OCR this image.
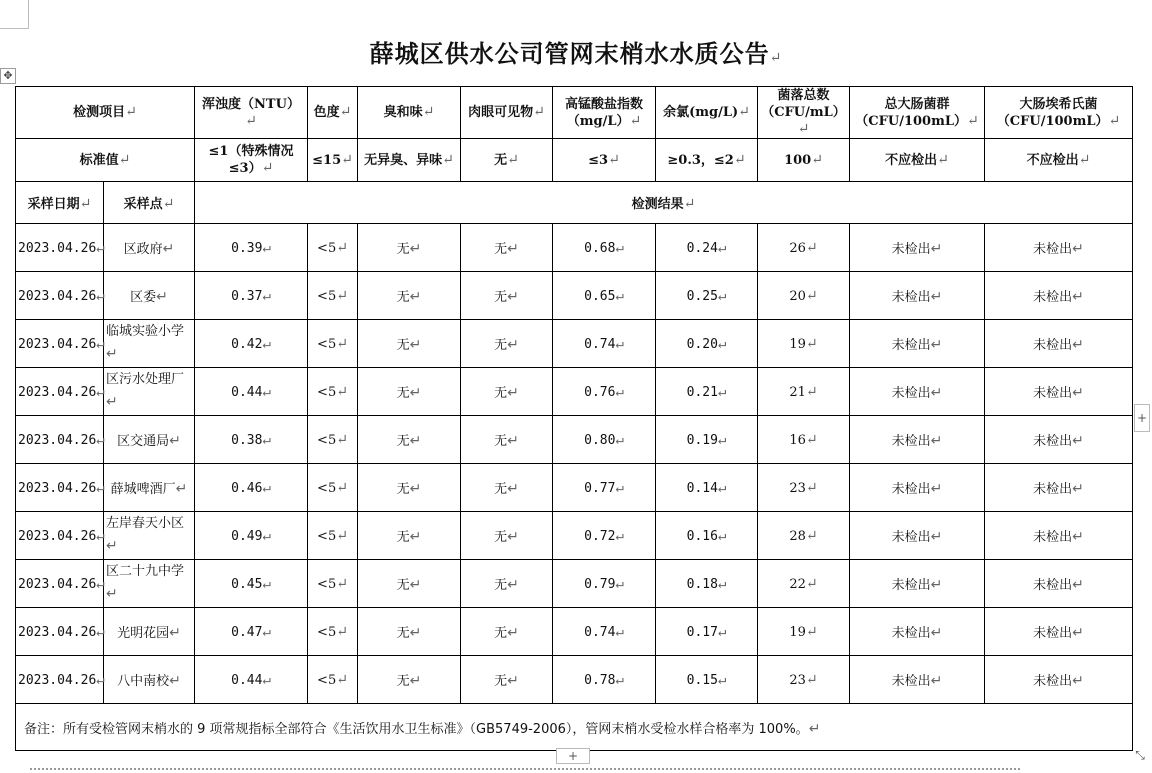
✥
薛城区供水公司管网末梢水水质公告↵
检测项目↵		浑浊度（NTU）↵	色度↵	臭和味↵	肉眼可见物↵	高锰酸盐指数（mg/L）↵	余氯(mg/L)↵	菌落总数（CFU/mL）↵	总大肠菌群（CFU/100mL）↵	大肠埃希氏菌（CFU/100mL）↵
标准值↵		≤1（特殊情况≤3）↵	≤15↵	无异臭、异味↵	无↵	≤3↵	≥0.3，≤2↵	100↵	不应检出↵	不应检出↵
采样日期↵	采样点↵	检测结果↵								
2023.04.26↵	区政府↵	0.39↵	<5↵	无↵	无↵	0.68↵	0.24↵	26↵	未检出↵	未检出↵
2023.04.26↵	区委↵	0.37↵	<5↵	无↵	无↵	0.65↵	0.25↵	20↵	未检出↵	未检出↵
2023.04.26↵	临城实验小学↵	0.42↵	<5↵	无↵	无↵	0.74↵	0.20↵	19↵	未检出↵	未检出↵
2023.04.26↵	区污水处理厂↵	0.44↵	<5↵	无↵	无↵	0.76↵	0.21↵	21↵	未检出↵	未检出↵
2023.04.26↵	区交通局↵	0.38↵	<5↵	无↵	无↵	0.80↵	0.19↵	16↵	未检出↵	未检出↵
2023.04.26↵	薛城啤酒厂↵	0.46↵	<5↵	无↵	无↵	0.77↵	0.14↵	23↵	未检出↵	未检出↵
2023.04.26↵	左岸春天小区↵	0.49↵	<5↵	无↵	无↵	0.72↵	0.16↵	28↵	未检出↵	未检出↵
2023.04.26↵	区二十九中学↵	0.45↵	<5↵	无↵	无↵	0.79↵	0.18↵	22↵	未检出↵	未检出↵
2023.04.26↵	光明花园↵	0.47↵	<5↵	无↵	无↵	0.74↵	0.17↵	19↵	未检出↵	未检出↵
2023.04.26↵	八中南校↵	0.44↵	<5↵	无↵	无↵	0.78↵	0.15↵	23↵	未检出↵	未检出↵
备注：所有受检管网末梢水的 9 项常规指标全部符合《生活饮用水卫生标准》（GB5749-2006），管网末梢水受检水样合格率为 100%。↵										
+
+	⤡
